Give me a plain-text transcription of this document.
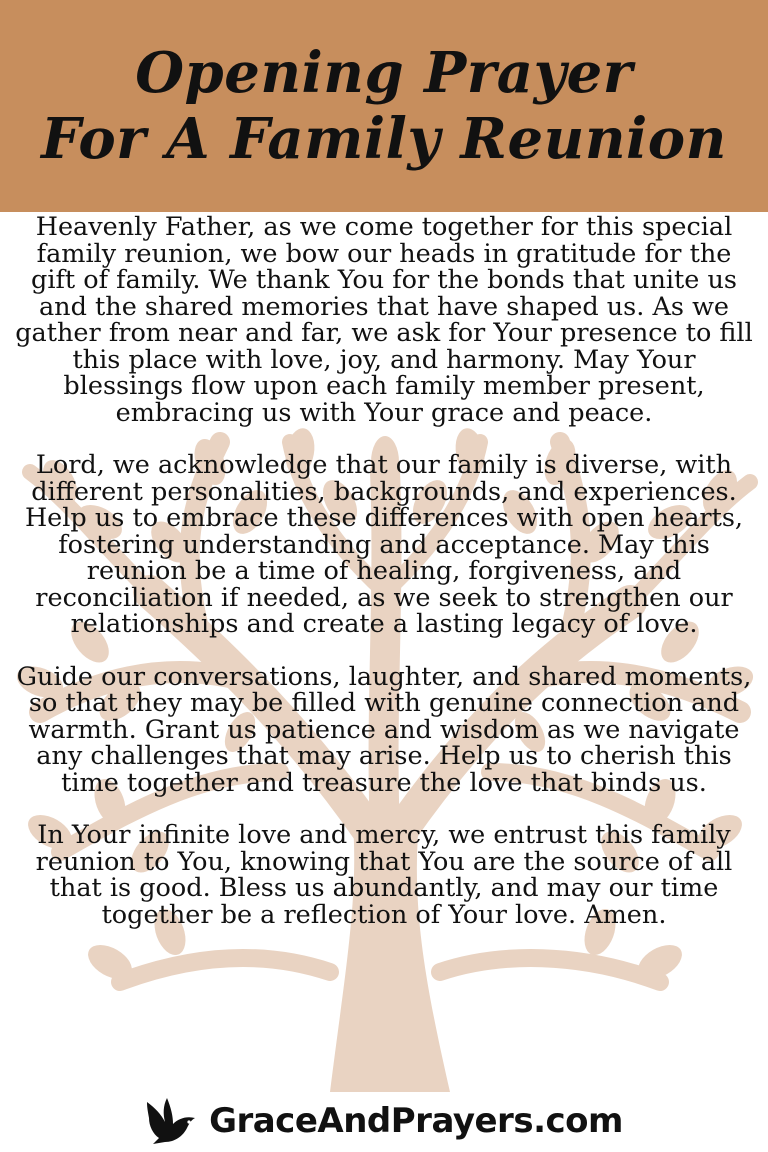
Opening Prayer
For A Family Reunion

Heavenly Father, as we come together for this special family reunion, we bow our heads in gratitude for the gift of family. We thank You for the bonds that unite us and the shared memories that have shaped us. As we gather from near and far, we ask for Your presence to fill this place with love, joy, and harmony. May Your blessings flow upon each family member present, embracing us with Your grace and peace.

Lord, we acknowledge that our family is diverse, with different personalities, backgrounds, and experiences. Help us to embrace these differences with open hearts, fostering understanding and acceptance. May this reunion be a time of healing, forgiveness, and reconciliation if needed, as we seek to strengthen our relationships and create a lasting legacy of love.

Guide our conversations, laughter, and shared moments, so that they may be filled with genuine connection and warmth. Grant us patience and wisdom as we navigate any challenges that may arise. Help us to cherish this time together and treasure the love that binds us.

In Your infinite love and mercy, we entrust this family reunion to You, knowing that You are the source of all that is good. Bless us abundantly, and may our time together be a reflection of Your love. Amen.

GraceAndPrayers.com
